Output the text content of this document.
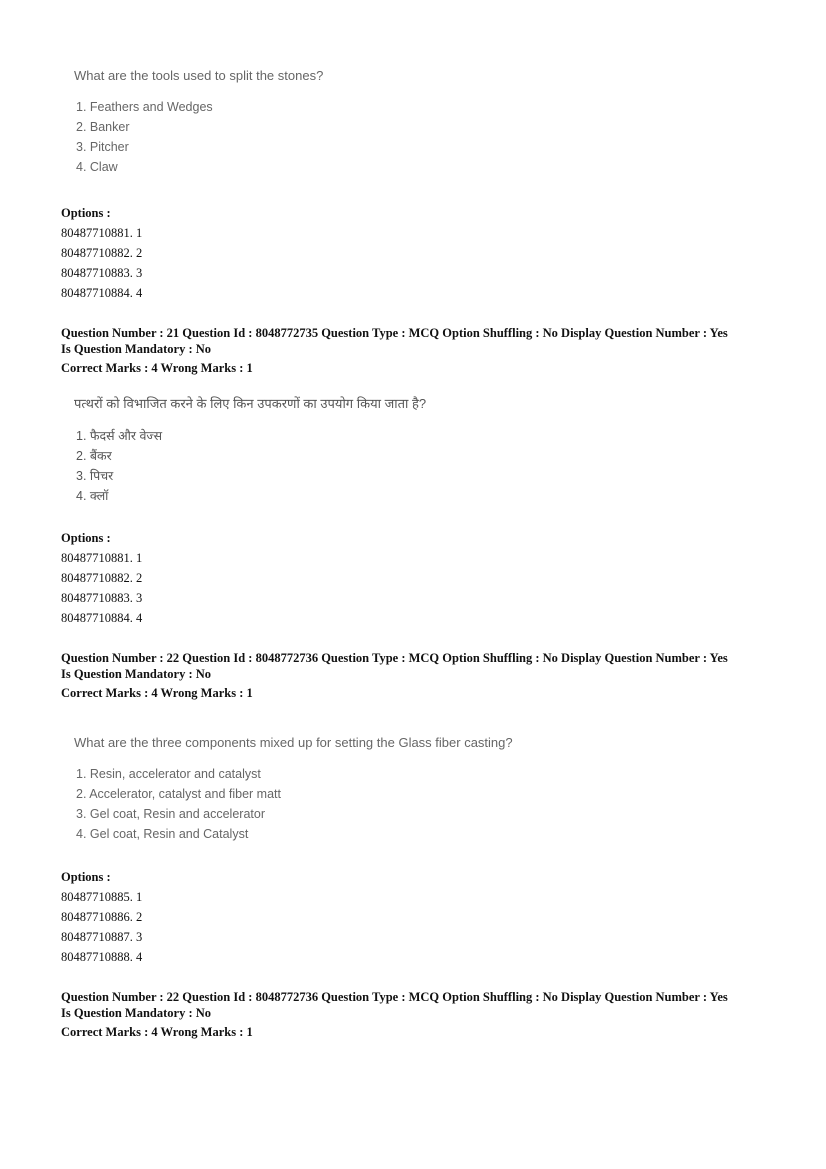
What are the tools used to split the stones?

1. Feathers and Wedges
2. Banker
3. Pitcher
4. Claw
Options :
80487710881. 1
80487710882. 2
80487710883. 3
80487710884. 4
Question Number : 21 Question Id : 8048772735 Question Type : MCQ Option Shuffling : No Display Question Number : Yes
Is Question Mandatory : No
Correct Marks : 4 Wrong Marks : 1

पत्थरों को विभाजित करने के लिए किन उपकरणों का उपयोग किया जाता है?

1. फैदर्स और वेज्स
2. बैंकर
3. पिचर
4. क्लॉ
Options :
80487710881. 1
80487710882. 2
80487710883. 3
80487710884. 4
Question Number : 22 Question Id : 8048772736 Question Type : MCQ Option Shuffling : No Display Question Number : Yes
Is Question Mandatory : No
Correct Marks : 4 Wrong Marks : 1

What are the three components mixed up for setting the Glass fiber casting?

1. Resin, accelerator and catalyst
2. Accelerator, catalyst and fiber matt
3. Gel coat, Resin and accelerator
4. Gel coat, Resin and Catalyst
Options :
80487710885. 1
80487710886. 2
80487710887. 3
80487710888. 4
Question Number : 22 Question Id : 8048772736 Question Type : MCQ Option Shuffling : No Display Question Number : Yes
Is Question Mandatory : No
Correct Marks : 4 Wrong Marks : 1
